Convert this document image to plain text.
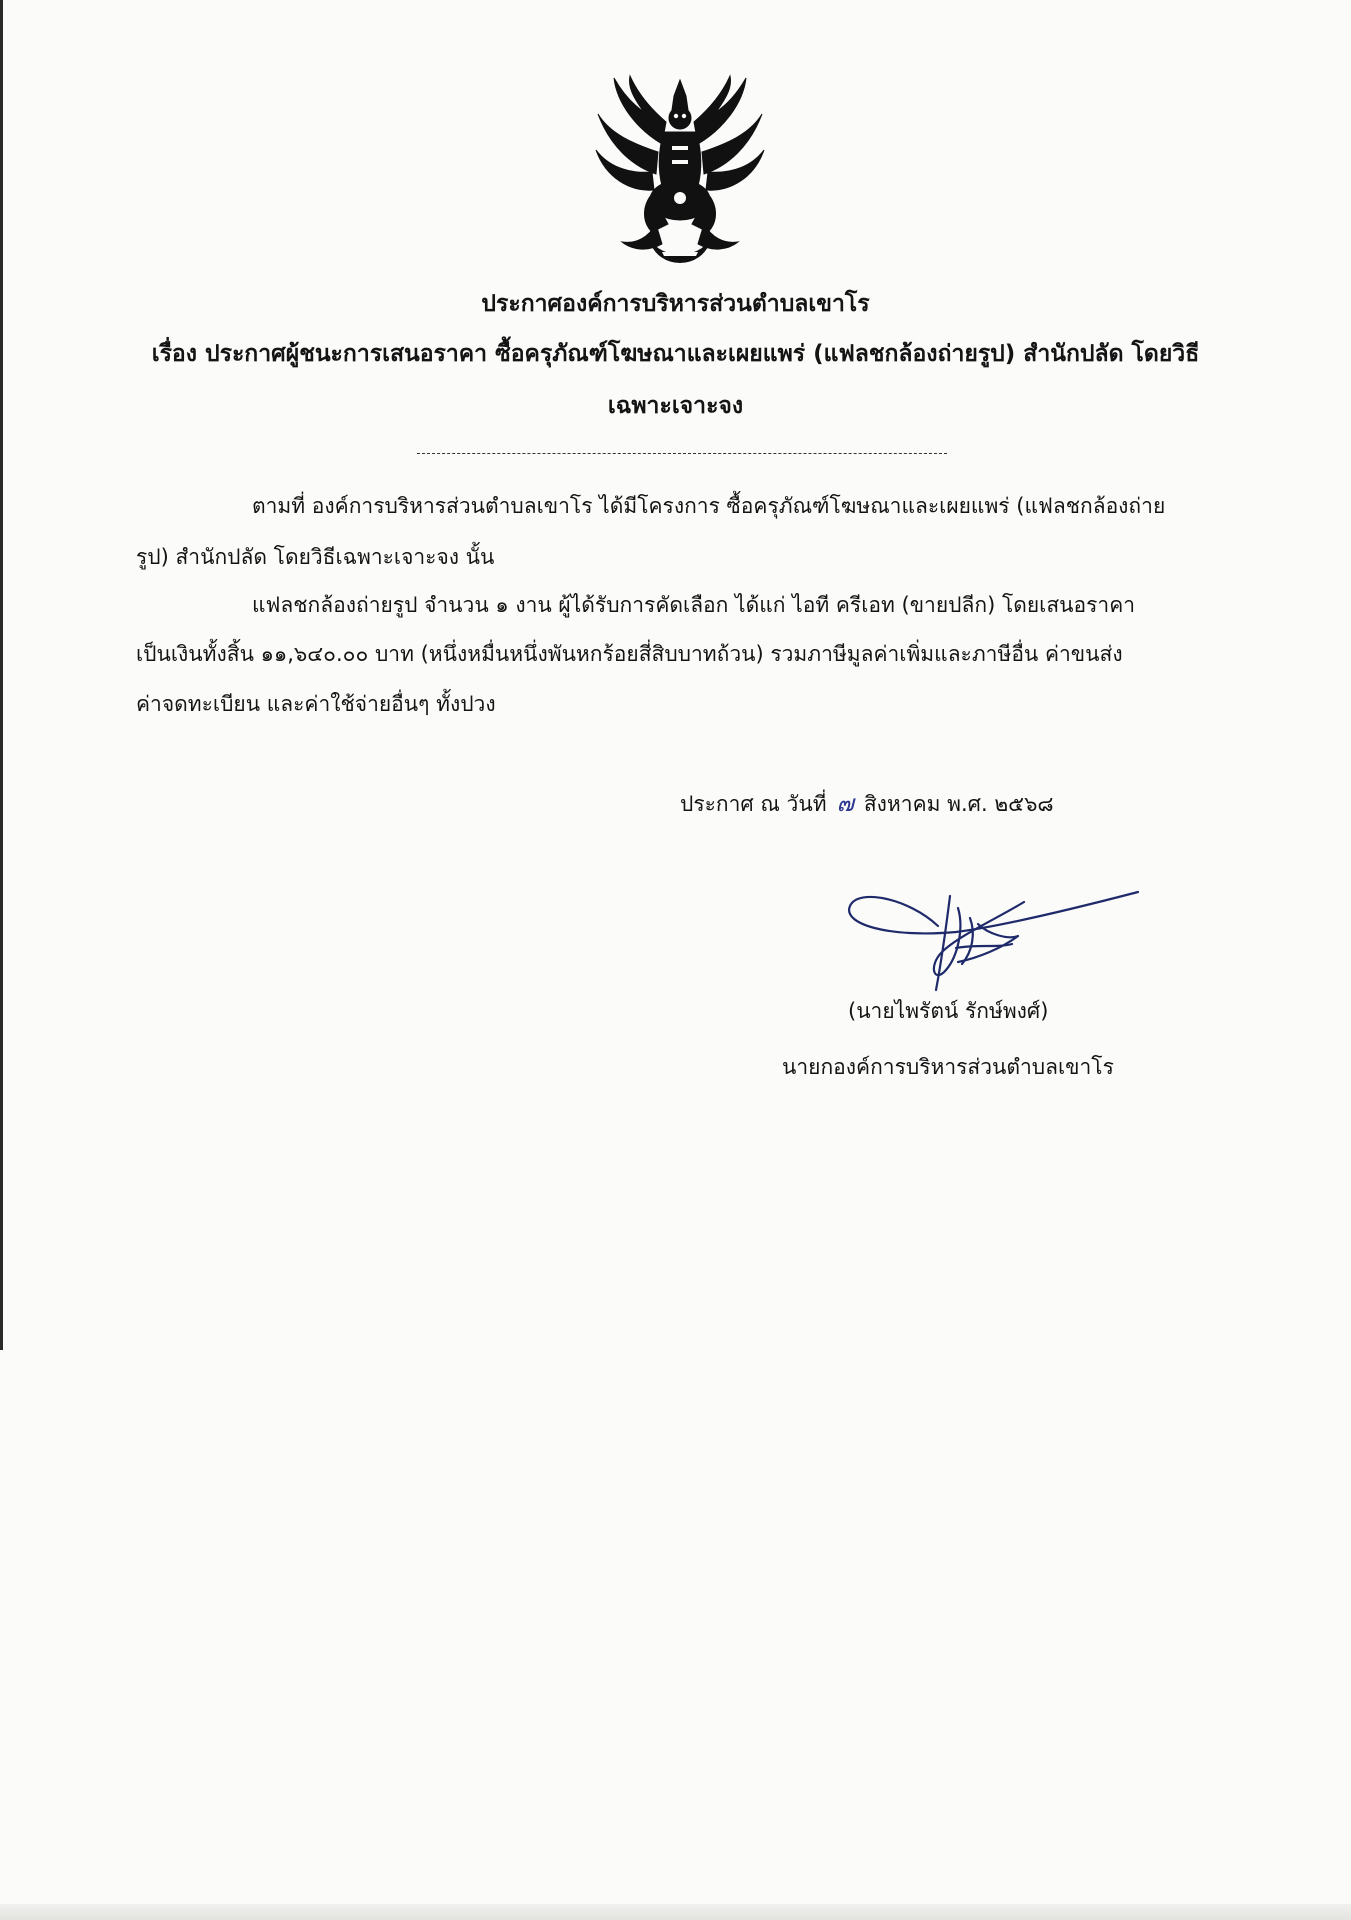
ประกาศองค์การบริหารส่วนตำบลเขาโร
เรื่อง ประกาศผู้ชนะการเสนอราคา ซื้อครุภัณฑ์โฆษณาและเผยแพร่ (แฟลชกล้องถ่ายรูป) สำนักปลัด โดยวิธี
เฉพาะเจาะจง
ตามที่ องค์การบริหารส่วนตำบลเขาโร ได้มีโครงการ ซื้อครุภัณฑ์โฆษณาและเผยแพร่ (แฟลชกล้องถ่าย
รูป) สำนักปลัด โดยวิธีเฉพาะเจาะจง นั้น
แฟลชกล้องถ่ายรูป จำนวน ๑ งาน ผู้ได้รับการคัดเลือก ได้แก่ ไอที ครีเอท (ขายปลีก) โดยเสนอราคา
เป็นเงินทั้งสิ้น ๑๑,๖๔๐.๐๐ บาท (หนึ่งหมื่นหนึ่งพันหกร้อยสี่สิบบาทถ้วน) รวมภาษีมูลค่าเพิ่มและภาษีอื่น ค่าขนส่ง
ค่าจดทะเบียน และค่าใช้จ่ายอื่นๆ ทั้งปวง
ประกาศ ณ วันที่ ๗ สิงหาคม พ.ศ. ๒๕๖๘
(นายไพรัตน์ รักษ์พงศ์)
นายกองค์การบริหารส่วนตำบลเขาโร
